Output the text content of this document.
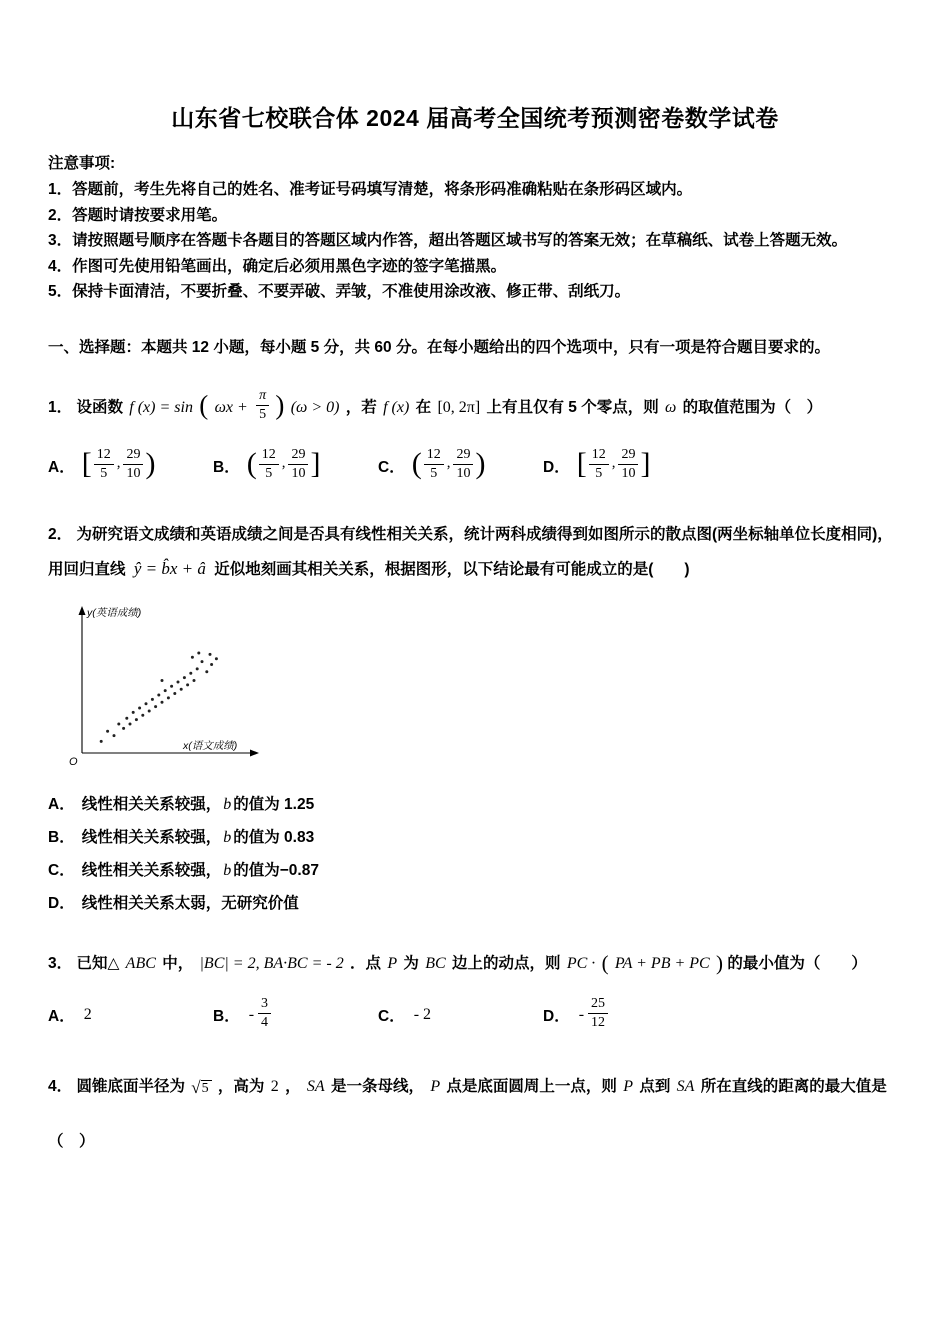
山东省七校联合体 2024 届高考全国统考预测密卷数学试卷
注意事项:
1．答题前，考生先将自己的姓名、准考证号码填写清楚，将条形码准确粘贴在条形码区域内。
2．答题时请按要求用笔。
3．请按照题号顺序在答题卡各题目的答题区域内作答，超出答题区域书写的答案无效；在草稿纸、试卷上答题无效。
4．作图可先使用铅笔画出，确定后必须用黑色字迹的签字笔描黑。
5．保持卡面清洁，不要折叠、不要弄破、弄皱，不准使用涂改液、修正带、刮纸刀。
一、选择题：本题共 12 小题，每小题 5 分，共 60 分。在每小题给出的四个选项中，只有一项是符合题目要求的。
1． 设函数 f (x) = sin ( $\omega x + \frac{\pi}{5}$ ) (ω > 0) ，若 f (x) 在 [0, 2π] 上有且仅有 5 个零点，则 ω 的取值范围为（　）
A． [ $\frac{12}{5}$ , $\frac{29}{10}$ )	B． ( $\frac{12}{5}$ , $\frac{29}{10}$ ]	C． ( $\frac{12}{5}$ , $\frac{29}{10}$ )	D． [ $\frac{12}{5}$ , $\frac{29}{10}$ ]
2． 为研究语文成绩和英语成绩之间是否具有线性相关关系，统计两科成绩得到如图所示的散点图(两坐标轴单位长度相同)，用回归直线 ŷ = b̂x + â 近似地刻画其相关关系，根据图形，以下结论最有可能成立的是(　　)
y(英语成绩)
x(语文成绩)
O
A． 线性相关关系较强， b 的值为 1.25
B． 线性相关关系较强， b 的值为 0.83
C． 线性相关关系较强， b 的值为−0.87
D． 线性相关关系太弱，无研究价值
3． 已知△ ABC 中， |BC| = 2, BA·BC = - 2 ．点 P 为 BC 边上的动点，则 PC · ( PA + PB + PC ) 的最小值为（　　）
A． 2	B． - $\frac{3}{4}$	C． - 2	D． - $\frac{25}{12}$
4． 圆锥底面半径为 √ 5 ，高为 2 ， SA 是一条母线， P 点是底面圆周上一点，则 P 点到 SA 所在直线的距离的最大值是
（　）
